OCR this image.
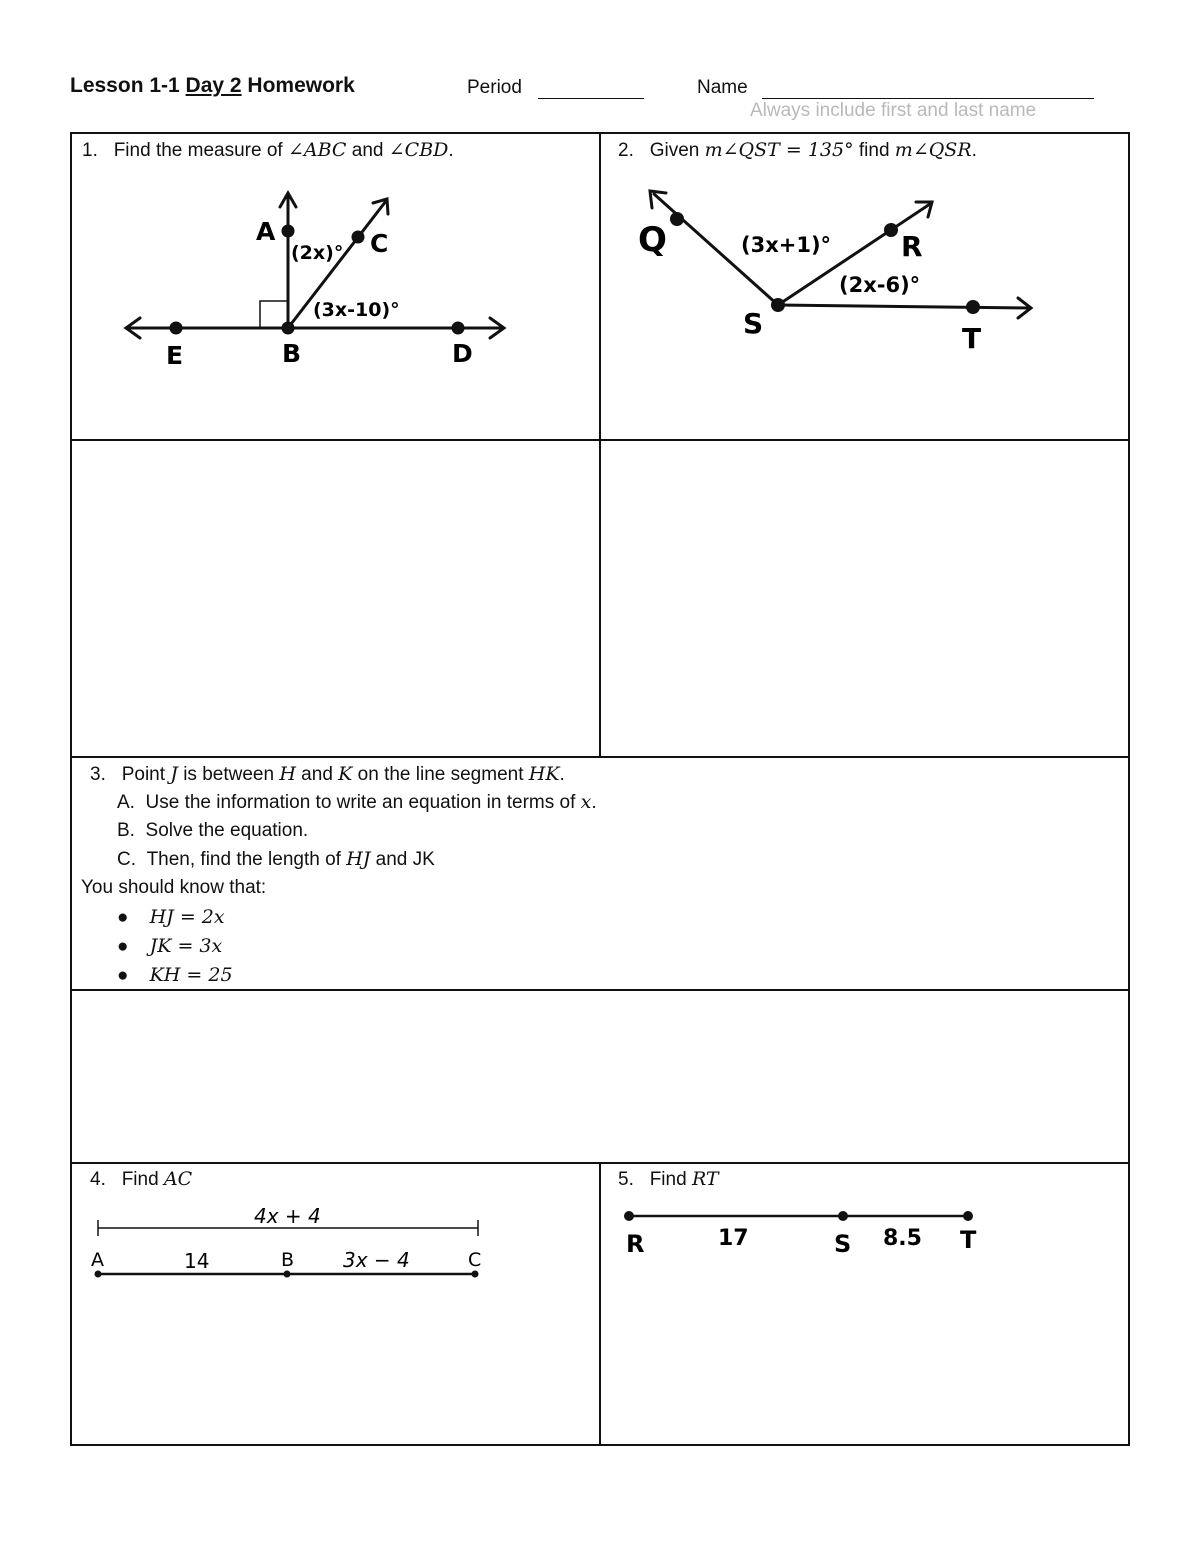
Lesson 1-1 Day 2 Homework	Period	Name
Always include first and last name
1. Find the measure of ∠ABC and ∠CBD.
A	C
E	B	D
(2x)°
(3x-10)°
2. Given m∠QST = 135° find m∠QSR.
Q	R
S	T
(3x+1)°
(2x-6)°
3. Point J is between H and K on the line segment HK.
A. Use the information to write an equation in terms of x.
B. Solve the equation.
C. Then, find the length of HJ and JK
You should know that:
● HJ = 2x
● JK = 3x
● KH = 25
4. Find AC
4x + 4
A	B	C
14	3x − 4
5. Find RT
R	17	S 8.5 T
